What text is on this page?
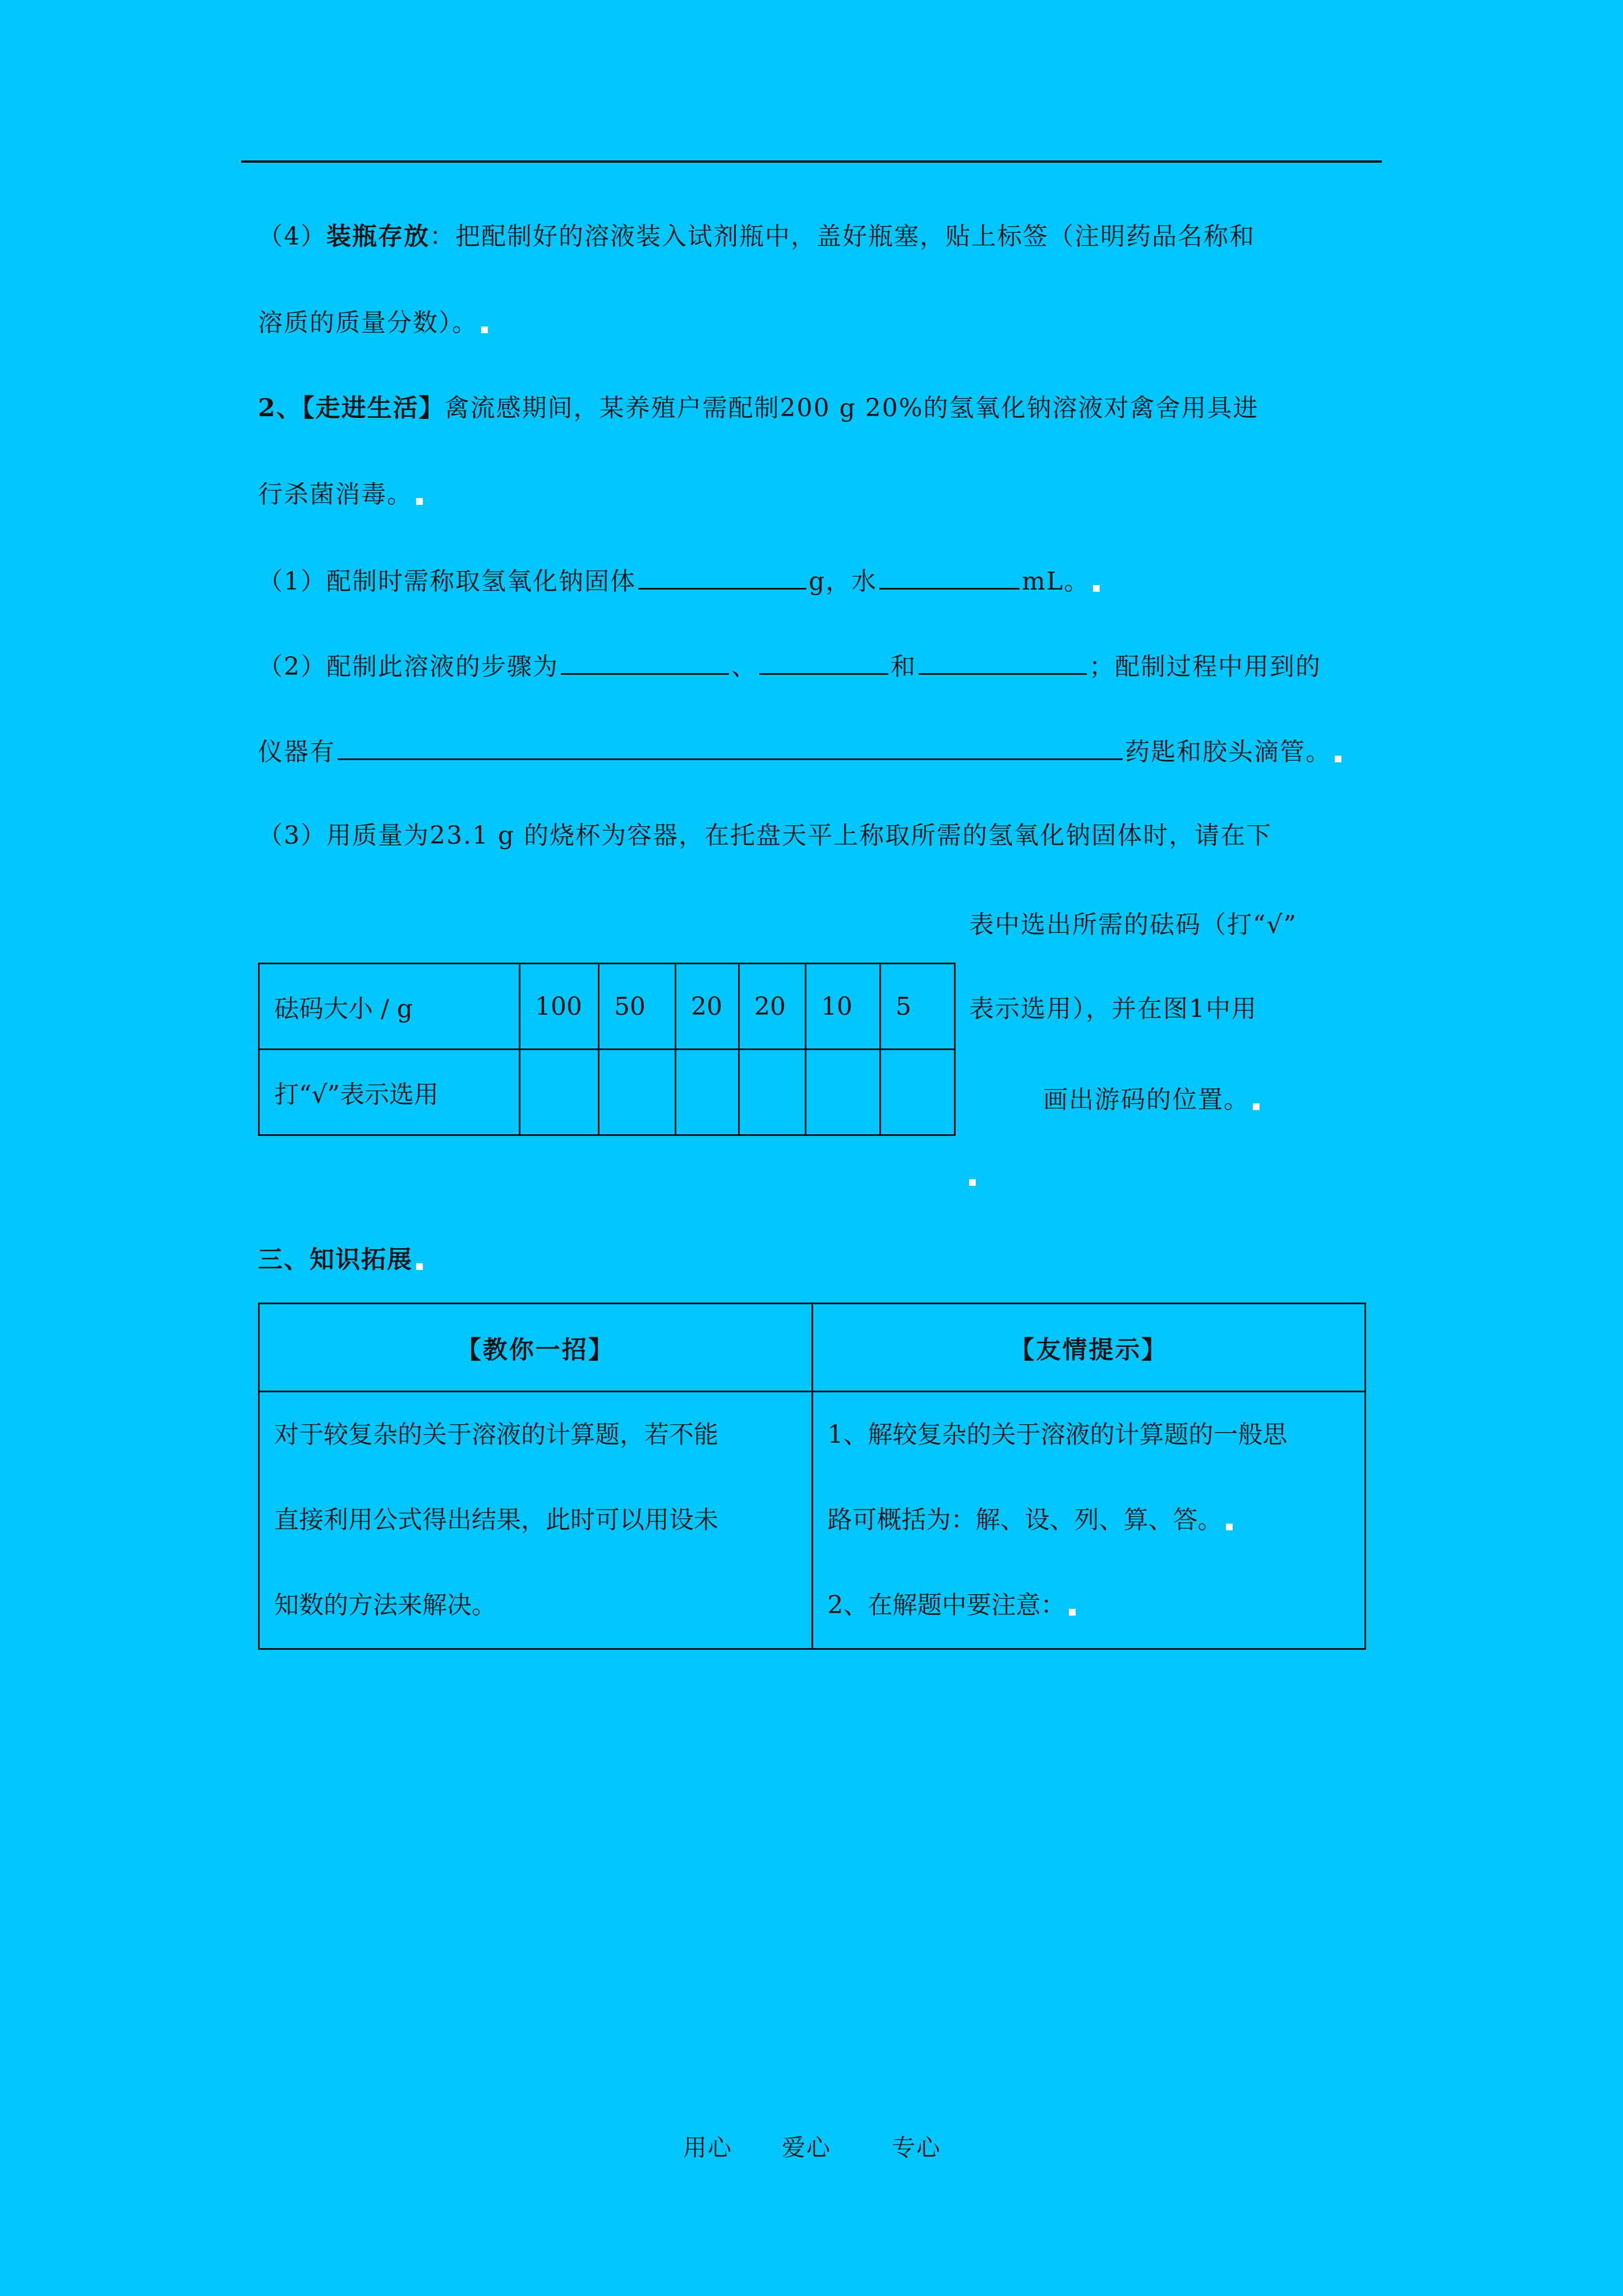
（4）装瓶存放：把配制好的溶液装入试剂瓶中，盖好瓶塞，贴上标签（注明药品名称和
溶质的质量分数）。
2、【走进生活】禽流感期间，某养殖户需配制200 g 20%的氢氧化钠溶液对禽舍用具进
行杀菌消毒。
（1）配制时需称取氢氧化钠固体	g，水	mL。
（2）配制此溶液的步骤为	、	和	；配制过程中用到的
仪器有	药匙和胶头滴管。
（3）用质量为23.1 g 的烧杯为容器，在托盘天平上称取所需的氢氧化钠固体时，请在下
表中选出所需的砝码（打“√”
表示选用），并在图1中用
画出游码的位置。
砝码大小 / g	100	50	20	20	10	5
打“√”表示选用						
三、知识拓展
【教你一招】	【友情提示】

对于较复杂的关于溶液的计算题，若不能
直接利用公式得出结果，此时可以用设未
知数的方法来解决。	1、解较复杂的关于溶液的计算题的一般思
路可概括为：解、设、列、算、答。
2、在解题中要注意：
用心 爱心	专心
